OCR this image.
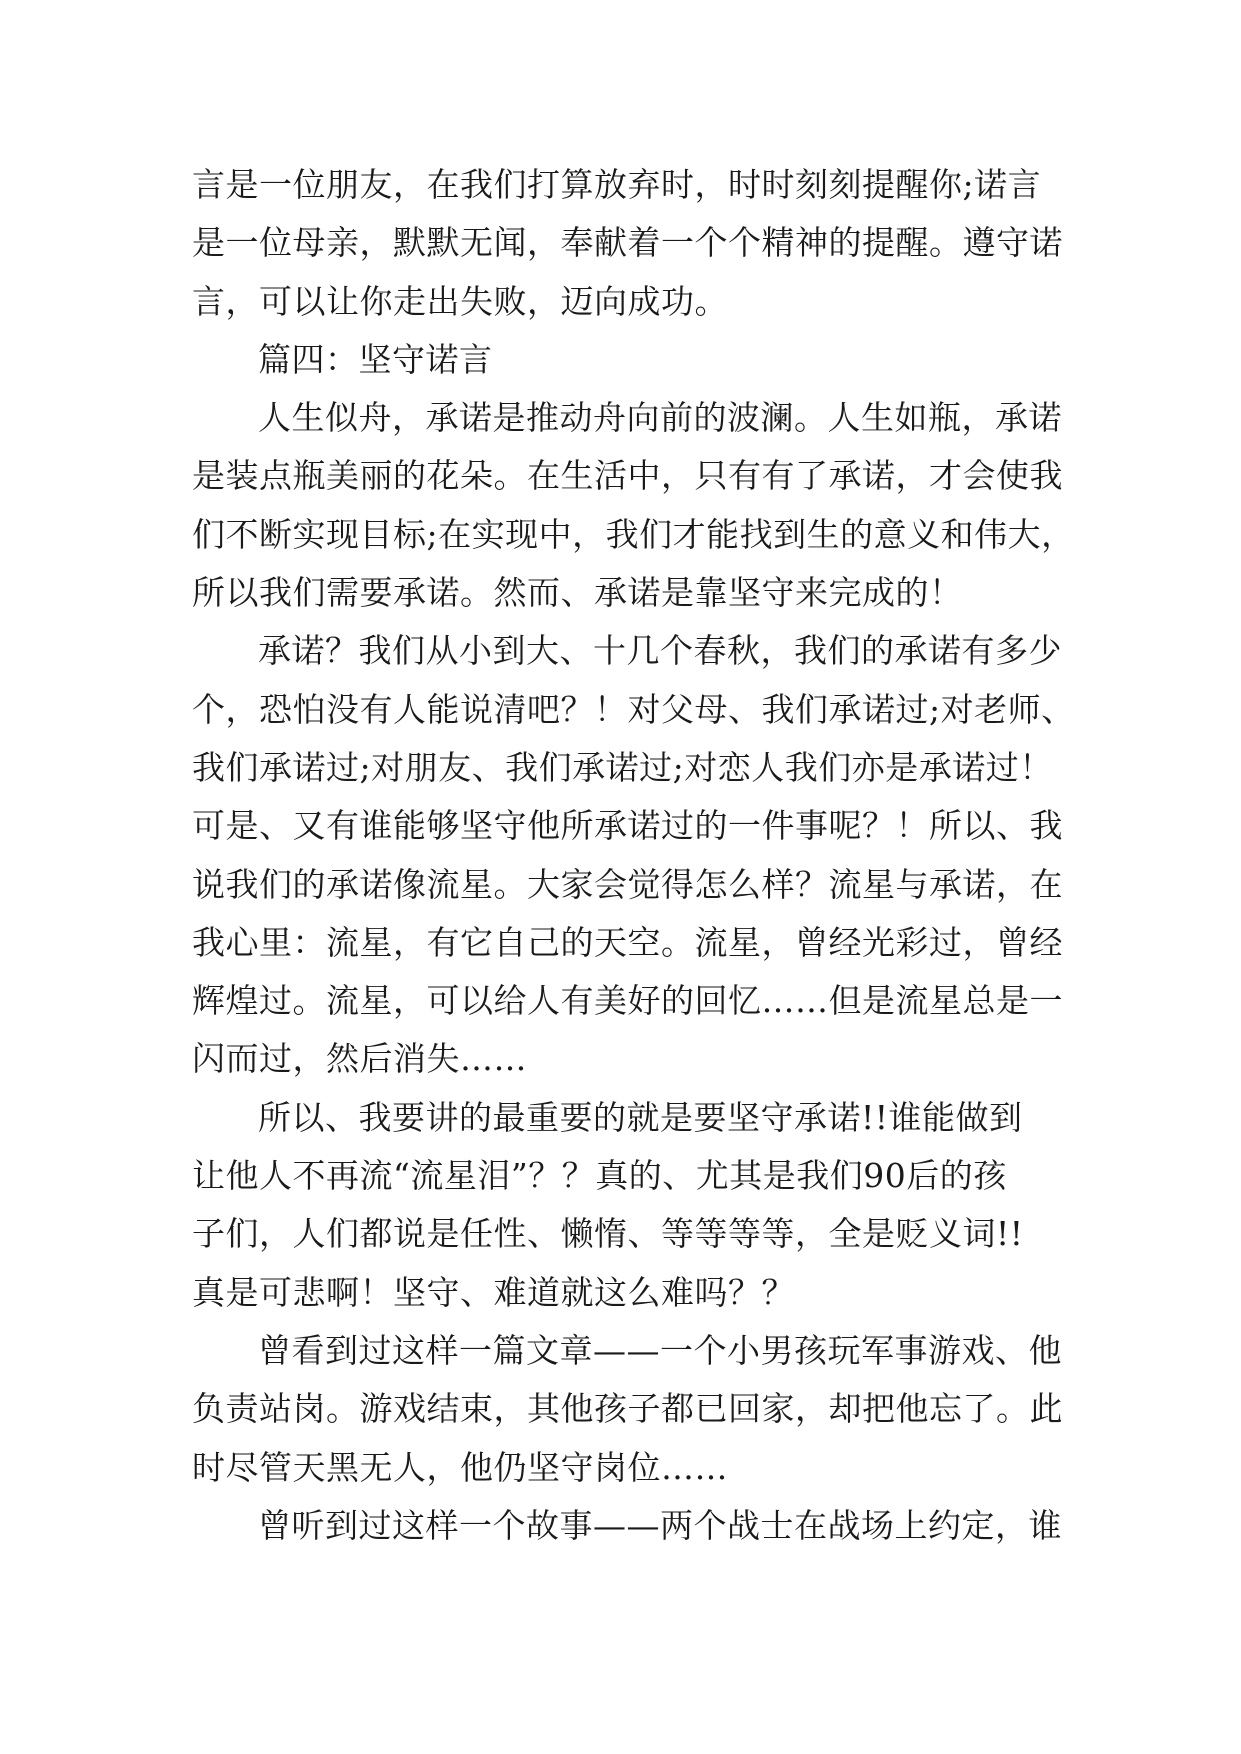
言是一位朋友，在我们打算放弃时，时时刻刻提醒你;诺言
是一位母亲，默默无闻，奉献着一个个精神的提醒。遵守诺
言，可以让你走出失败，迈向成功。
篇四：坚守诺言
人生似舟，承诺是推动舟向前的波澜。人生如瓶，承诺
是装点瓶美丽的花朵。在生活中，只有有了承诺，才会使我
们不断实现目标;在实现中，我们才能找到生的意义和伟大，
所以我们需要承诺。然而、承诺是靠坚守来完成的！
承诺？我们从小到大、十几个春秋，我们的承诺有多少
个，恐怕没有人能说清吧？！对父母、我们承诺过;对老师、
我们承诺过;对朋友、我们承诺过;对恋人我们亦是承诺过！
可是、又有谁能够坚守他所承诺过的一件事呢？！所以、我
说我们的承诺像流星。大家会觉得怎么样？流星与承诺，在
我心里：流星，有它自己的天空。流星，曾经光彩过，曾经
辉煌过。流星，可以给人有美好的回忆……但是流星总是一
闪而过，然后消失……
所以、我要讲的最重要的就是要坚守承诺!!谁能做到
让他人不再流“流星泪”？？真的、尤其是我们90后的孩
子们，人们都说是任性、懒惰、等等等等，全是贬义词!!
真是可悲啊！坚守、难道就这么难吗？？
曾看到过这样一篇文章——一个小男孩玩军事游戏、他
负责站岗。游戏结束，其他孩子都已回家，却把他忘了。此
时尽管天黑无人，他仍坚守岗位……
曾听到过这样一个故事——两个战士在战场上约定，谁
